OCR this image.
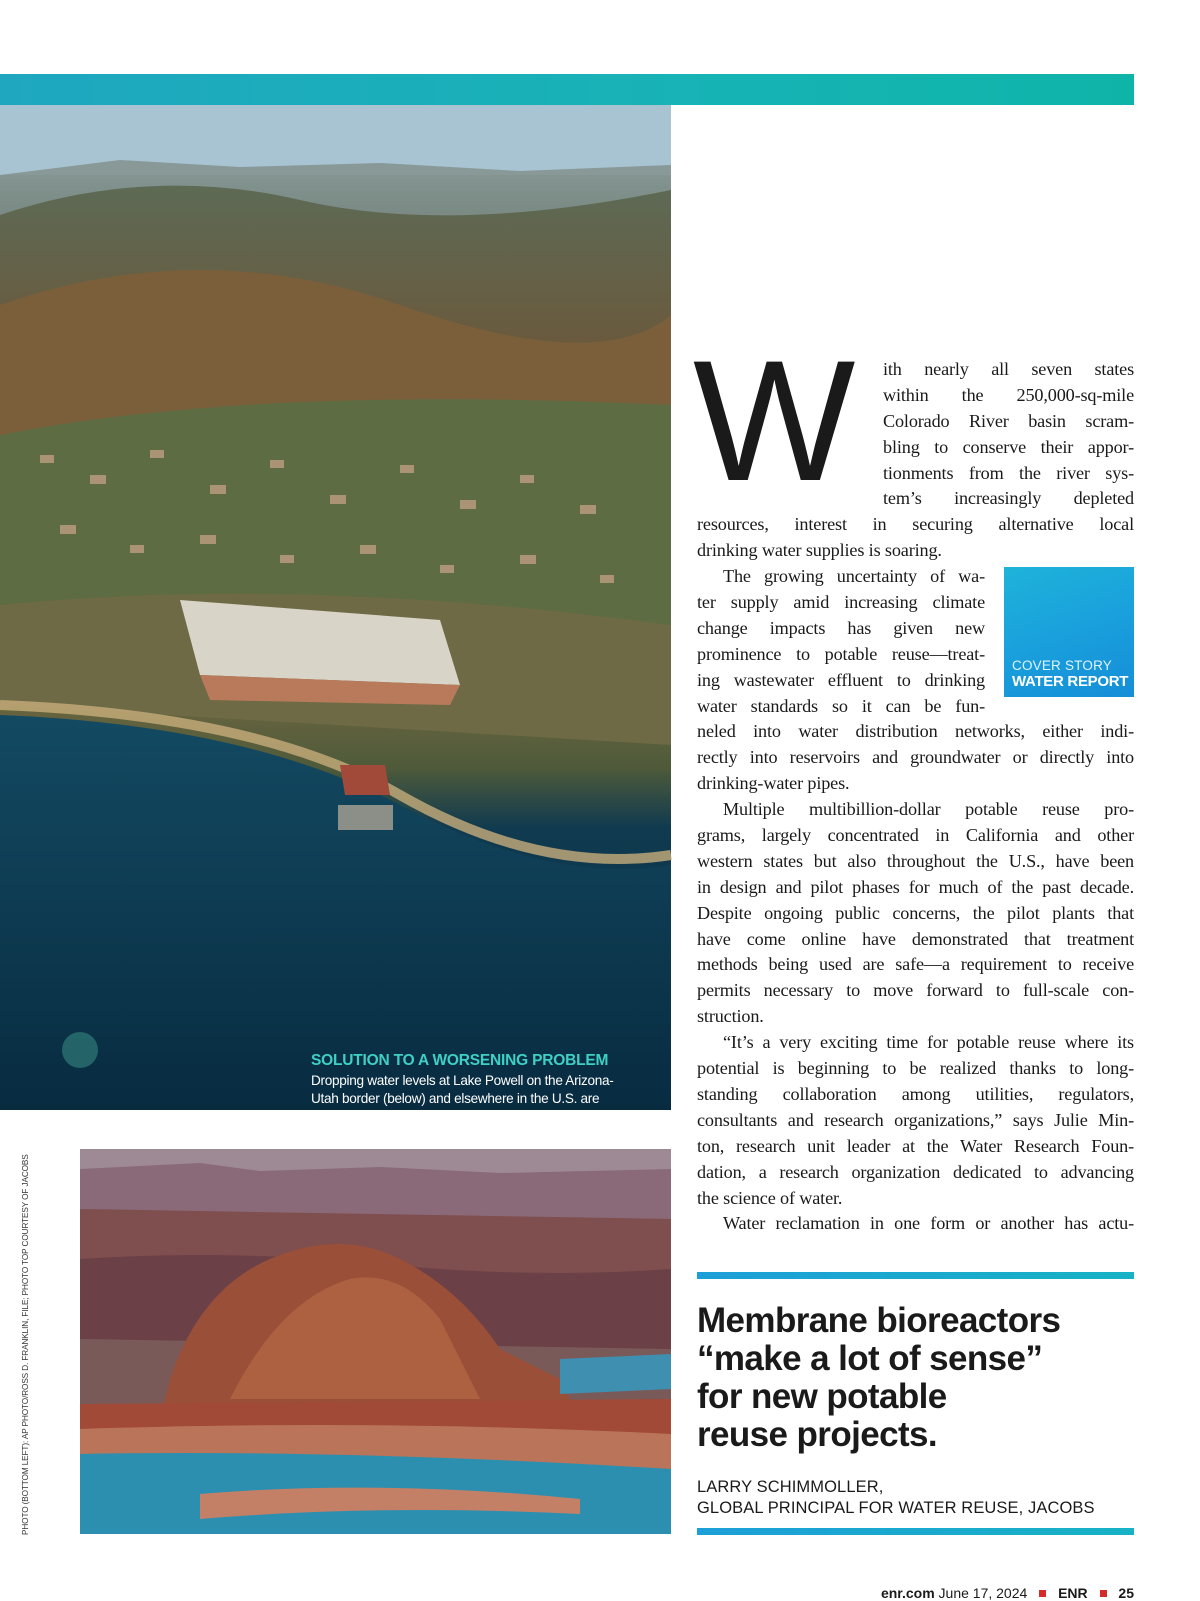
SOLUTION TO A WORSENING PROBLEM
Dropping water levels at Lake Powell on the Arizona-
Utah border (below) and elsewhere in the U.S. are
driving efforts such as the Las Virgenes-Triunfo
project in California (above), which will blend effluent
PHOTO (BOTTOM LEFT): AP PHOTO/ROSS D. FRANKLIN, FILE; PHOTO TOP COURTESY OF JACOBS
W	ith nearly all seven states
within the 250,000-sq-mile
Colorado River basin scram-
bling to conserve their appor-
tionments from the river sys-
tem’s increasingly depleted
resources, interest in securing alternative local
drinking water supplies is soaring.
The growing uncertainty of wa-
ter supply amid increasing climate
change impacts has given new
prominence to potable reuse—treat-
ing wastewater effluent to drinking
water standards so it can be fun-
neled into water distribution networks, either indi-
rectly into reservoirs and groundwater or directly into
drinking-water pipes.
Multiple multibillion-dollar potable reuse pro-
grams, largely concentrated in California and other
western states but also throughout the U.S., have been
in design and pilot phases for much of the past decade.
Despite ongoing public concerns, the pilot plants that
have come online have demonstrated that treatment
methods being used are safe—a requirement to receive
permits necessary to move forward to full-scale con-
struction.
“It’s a very exciting time for potable reuse where its
potential is beginning to be realized thanks to long-
standing collaboration among utilities, regulators,
consultants and research organizations,” says Julie Min-
ton, research unit leader at the Water Research Foun-
dation, a research organization dedicated to advancing
the science of water.
Water reclamation in one form or another has actu-
COVER STORY
WATER REPORT
Membrane bioreactors
“make a lot of sense”
for new potable
reuse projects.
LARRY SCHIMMOLLER,
GLOBAL PRINCIPAL FOR WATER REUSE, JACOBS
enr.com June 17, 2024 ENR 25
